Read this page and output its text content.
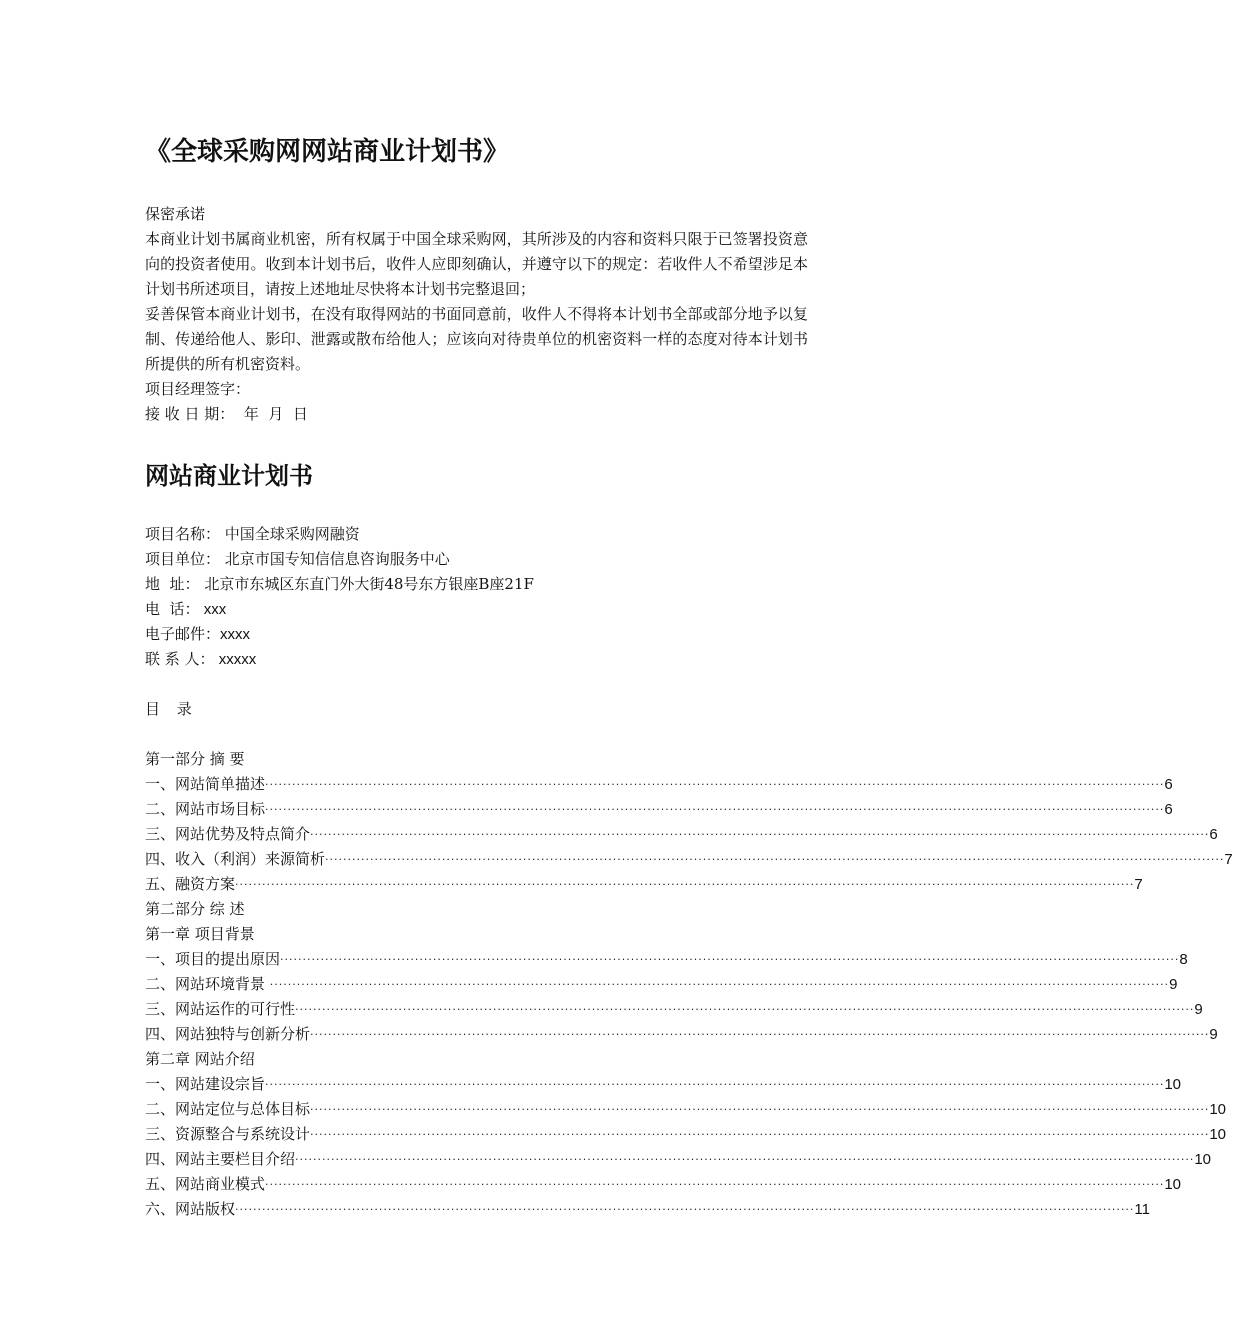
《全球采购网网站商业计划书》
保密承诺

本商业计划书属商业机密，所有权属于中国全球采购网，其所涉及的内容和资料只限于已签署投资意向的投资者使用。收到本计划书后，收件人应即刻确认，并遵守以下的规定：若收件人不希望涉足本计划书所述项目，请按上述地址尽快将本计划书完整退回；

妥善保管本商业计划书，在没有取得网站的书面同意前，收件人不得将本计划书全部或部分地予以复制、传递给他人、影印、泄露或散布给他人；应该向对待贵单位的机密资料一样的态度对待本计划书所提供的所有机密资料。

项目经理签字：

接 收 日 期：  年  月  日

网站商业计划书
项目名称： 中国全球采购网融资
项目单位： 北京市国专知信信息咨询服务中心
地  址： 北京市东城区东直门外大街48号东方银座B座21F
电  话： xxx
电子邮件：xxxx
联 系 人： xxxxx
目 录
第一部分 摘 要
一、网站简单描述 ········································································································································································································ 6
二、网站市场目标 ········································································································································································································ 6
三、网站优势及特点简介 ········································································································································································································ 6
四、收入（利润）来源简析 ········································································································································································································ 7
五、融资方案 ········································································································································································································ 7
第二部分 综 述
第一章 项目背景
一、项目的提出原因 ········································································································································································································ 8
二、网站环境背景 ········································································································································································································ 9
三、网站运作的可行性 ········································································································································································································ 9
四、网站独特与创新分析 ········································································································································································································ 9
第二章 网站介绍
一、网站建设宗旨 ········································································································································································································ 10
二、网站定位与总体目标 ········································································································································································································ 10
三、资源整合与系统设计 ········································································································································································································ 10
四、网站主要栏目介绍 ········································································································································································································ 10
五、网站商业模式 ········································································································································································································ 10
六、网站版权 ········································································································································································································ 11
